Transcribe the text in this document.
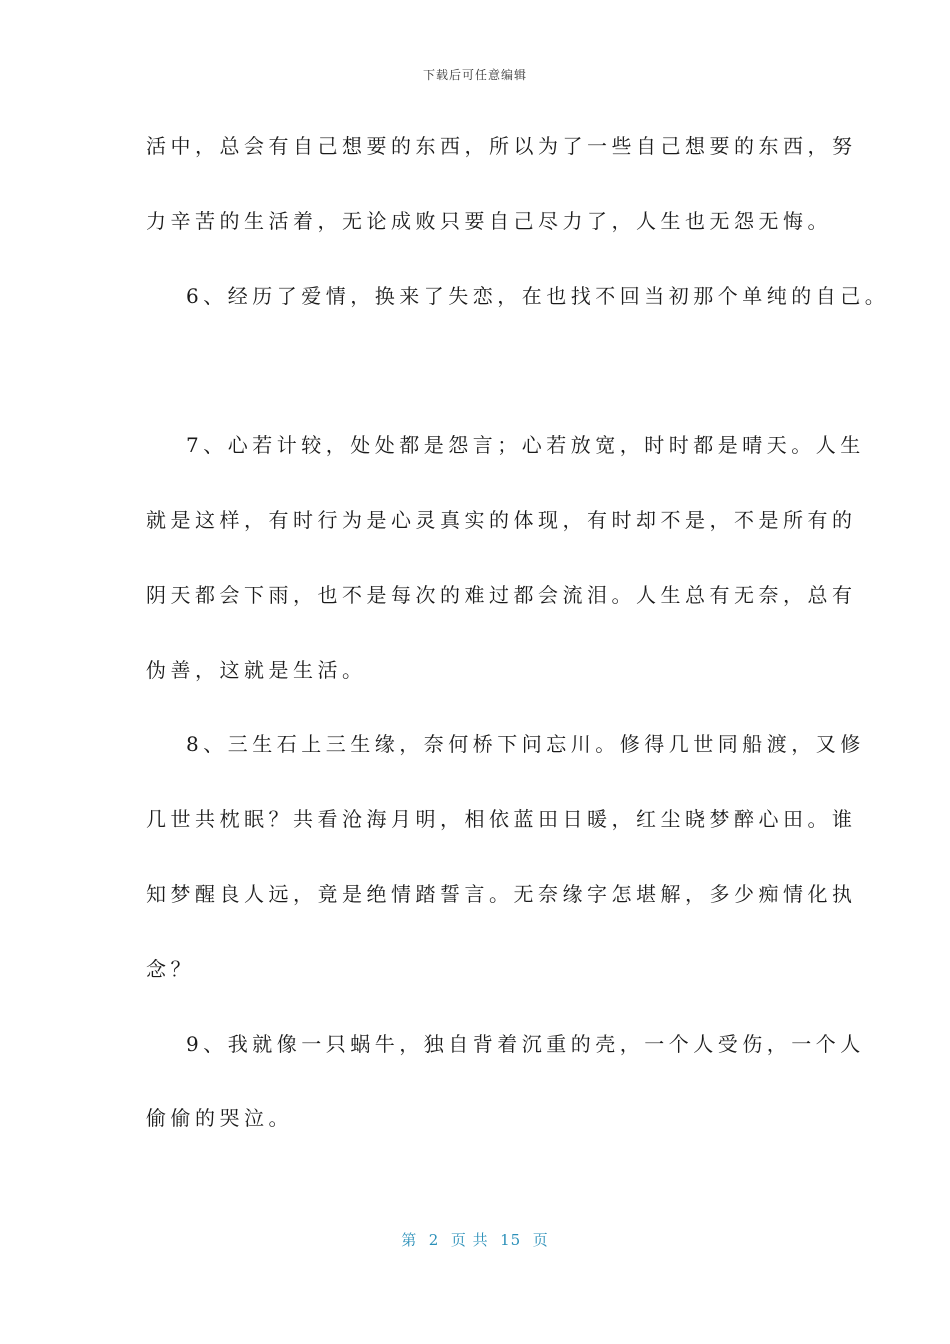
下载后可任意编辑
活中，总会有自己想要的东西，所以为了一些自己想要的东西，努
力辛苦的生活着，无论成败只要自己尽力了，人生也无怨无悔。
6、经历了爱情，换来了失恋，在也找不回当初那个单纯的自己。
7、心若计较，处处都是怨言；心若放宽，时时都是晴天。人生
就是这样，有时行为是心灵真实的体现，有时却不是，不是所有的
阴天都会下雨，也不是每次的难过都会流泪。人生总有无奈，总有
伪善，这就是生活。
8、三生石上三生缘，奈何桥下问忘川。修得几世同船渡，又修
几世共枕眠？共看沧海月明，相依蓝田日暖，红尘晓梦醉心田。谁
知梦醒良人远，竟是绝情踏誓言。无奈缘字怎堪解，多少痴情化执
念？
9、我就像一只蜗牛，独自背着沉重的壳，一个人受伤，一个人
偷偷的哭泣。
第  2  页 共  15  页
